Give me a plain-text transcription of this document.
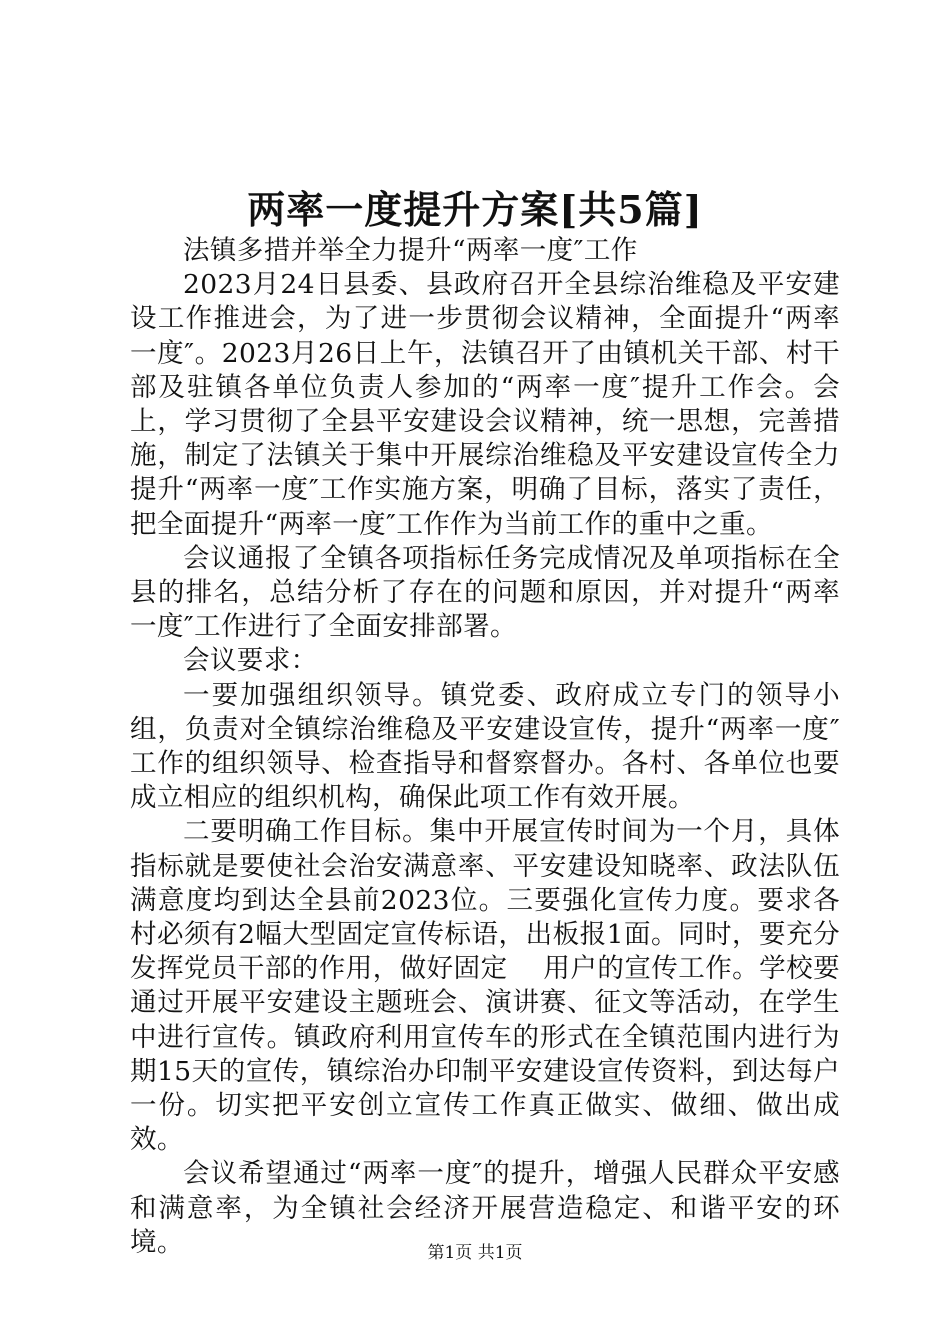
两率一度提升方案[共5篇]

法镇多措并举全力提升“两率一度″工作

2023月24日县委、县政府召开全县综治维稳及平安建设工作推进会，为了进一步贯彻会议精神，全面提升“两率一度″。2023月26日上午，法镇召开了由镇机关干部、村干部及驻镇各单位负责人参加的“两率一度″提升工作会。会上，学习贯彻了全县平安建设会议精神，统一思想，完善措施，制定了法镇关于集中开展综治维稳及平安建设宣传全力提升“两率一度″工作实施方案，明确了目标，落实了责任，把全面提升“两率一度″工作作为当前工作的重中之重。

会议通报了全镇各项指标任务完成情况及单项指标在全县的排名，总结分析了存在的问题和原因，并对提升“两率一度″工作进行了全面安排部署。

会议要求：

一要加强组织领导。镇党委、政府成立专门的领导小组，负责对全镇综治维稳及平安建设宣传，提升“两率一度″工作的组织领导、检查指导和督察督办。各村、各单位也要成立相应的组织机构，确保此项工作有效开展。

二要明确工作目标。集中开展宣传时间为一个月，具体指标就是要使社会治安满意率、平安建设知晓率、政法队伍满意度均到达全县前2023位。三要强化宣传力度。要求各村必须有2幅大型固定宣传标语，出板报1面。同时，要充分发挥党员干部的作用，做好固定　 用户的宣传工作。学校要通过开展平安建设主题班会、演讲赛、征文等活动，在学生中进行宣传。镇政府利用宣传车的形式在全镇范围内进行为期15天的宣传，镇综治办印制平安建设宣传资料，到达每户一份。切实把平安创立宣传工作真正做实、做细、做出成效。

会议希望通过“两率一度″的提升，增强人民群众平安感和满意率，为全镇社会经济开展营造稳定、和谐平安的环境。	第1页 共1页
